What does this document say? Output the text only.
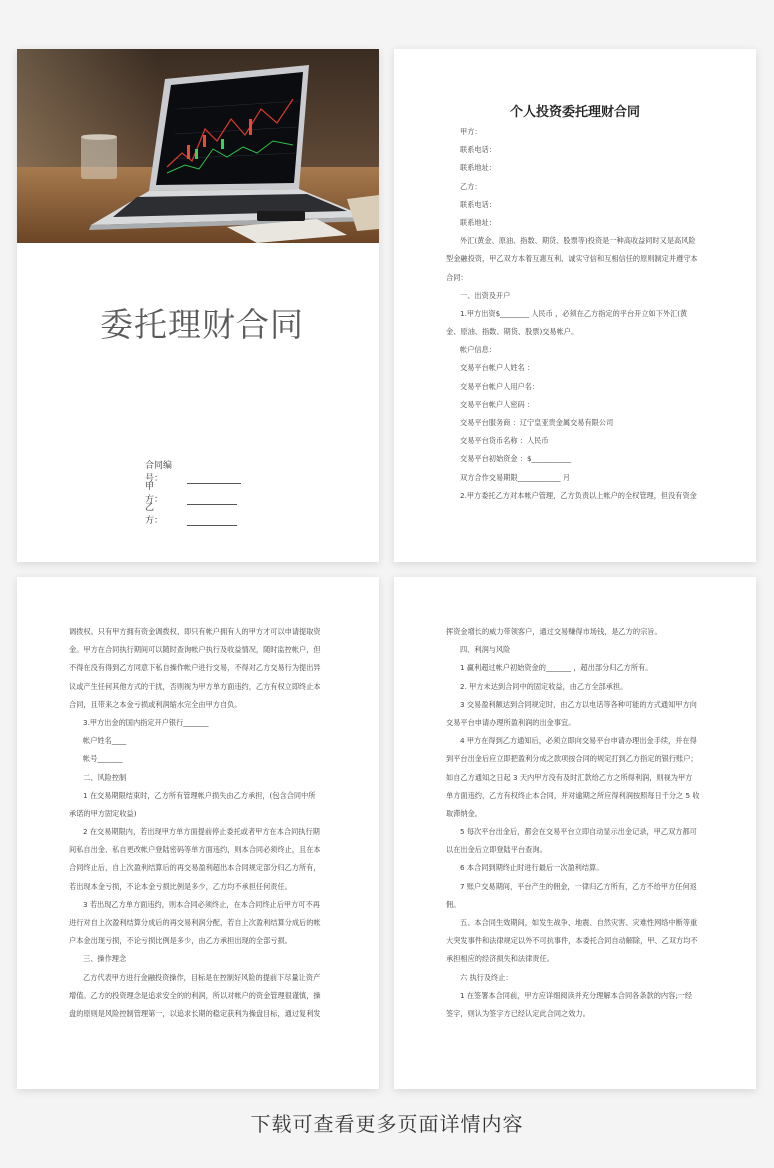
委托理财合同
合同编号：
甲　　方：
乙　　方：
个人投资委托理财合同
甲方：
联系电话：
联系地址：
乙方：
联系电话：
联系地址：
外汇(黄金、原油、指数、期货、股票等)投资是一种高收益同时又是高风险
型金融投资，甲乙双方本着互惠互利、诚实守信和互相信任的原则制定并遵守本
合同：
一、出资及开户
1.甲方出资$________ 人民币 ，必须在乙方指定的平台开立如下外汇(黄
金、原油、指数、期货、股票)交易帐户。
帐户信息：
交易平台帐户人姓名 ：
交易平台帐户人用户名：
交易平台帐户人密码 ：
交易平台服务商 ：辽宁皇亚贵金属交易有限公司
交易平台货币名称 ：人民币
交易平台初始资金 ：$___________
双方合作交易期限____________ 月
2.甲方委托乙方对本帐户管理，乙方负责以上帐户的全权管理，但没有资金
调拨权。只有甲方拥有资金调拨权、即只有帐户拥有人的甲方才可以申请提取资
金。甲方在合同执行期间可以随时查询帐户执行及收益情况，随时监控帐户，但
不得在没有得到乙方同意下私自操作帐户进行交易，不得对乙方交易行为提出异
议或产生任何其他方式的干扰，否则视为甲方单方面违约，乙方有权立即终止本
合同，且带来之本金亏损或利润缩水完全由甲方自负。
3.甲方出金的国内指定开户银行_______
帐户姓名____
帐号_______
二、风险控制
1 在交易期限结束时，乙方所有管理帐户损失由乙方承担，(包含合同中所
承诺的甲方固定收益)
2 在交易期限内，若出现甲方单方面提前停止委托或者甲方在本合同执行期
间私自出金、私自更改帐户登陆密码等单方面违约，则本合同必须终止，且在本
合同终止后，自上次盈利结算后的再交易盈利超出本合同规定部分归乙方所有，
若出现本金亏损，不论本金亏损比例是多少，乙方均不承担任何责任。
3 若出现乙方单方面违约，则本合同必须终止，在本合同终止后甲方可不再
进行对自上次盈利结算分成后的再交易利润分配，若自上次盈利结算分成后的帐
户本金出现亏损，不论亏损比例是多少，由乙方承担出现的全部亏损。
三、操作理念
乙方代表甲方进行金融投资操作，目标是在控制好风险的提前下尽量让资产
增值。乙方的投资理念是追求安全的的利润，所以对帐户的资金管理很谨慎，操
盘的原则是风险控制管理第一，以追求长期的稳定获利为操盘目标，通过复利发
挥资金增长的威力带领客户，通过交易赚得市场钱，是乙方的宗旨。
四、利润与风险
1 赢利超过帐户初始资金的_______ ，超出部分归乙方所有。
2. 甲方未达到合同中的固定收益，由乙方全部承担。
3 交易盈利额达到合同规定时，由乙方以电话等各种可能的方式通知甲方向
交易平台申请办理所盈利润的出金事宜。
4 甲方在得到乙方通知后，必须立即向交易平台申请办理出金手续，并在得
到平台出金后应立即把盈利分成之款项按合同的规定打到乙方指定的银行账户；
如自乙方通知之日起 3 天内甲方没有及时汇款给乙方之所得利润，则视为甲方
单方面违约，乙方有权终止本合同，并对逾期之所应得利润按照每日千分之 5 收
取滞纳金。
5 每次平台出金后，都会在交易平台立即自动显示出金记录，甲乙双方都可
以在出金后立即登陆平台查询。
6 本合同到期终止时进行最后一次盈利结算。
7 账户交易期间，平台产生的佣金，一律归乙方所有，乙方不给甲方任何返
佣。
五、本合同生效期间，如发生战争、地震、自然灾害、灾难性网络中断等重
大突发事件和法律规定以外不可抗事件，本委托合同自动解除，甲、乙双方均不
承担相应的经济损失和法律责任。
六 执行及终止：
1 在签署本合同前，甲方应详细阅读并充分理解本合同各条款的内容;一经
签字，则认为签字方已经认定此合同之效力。
下载可查看更多页面详情内容
